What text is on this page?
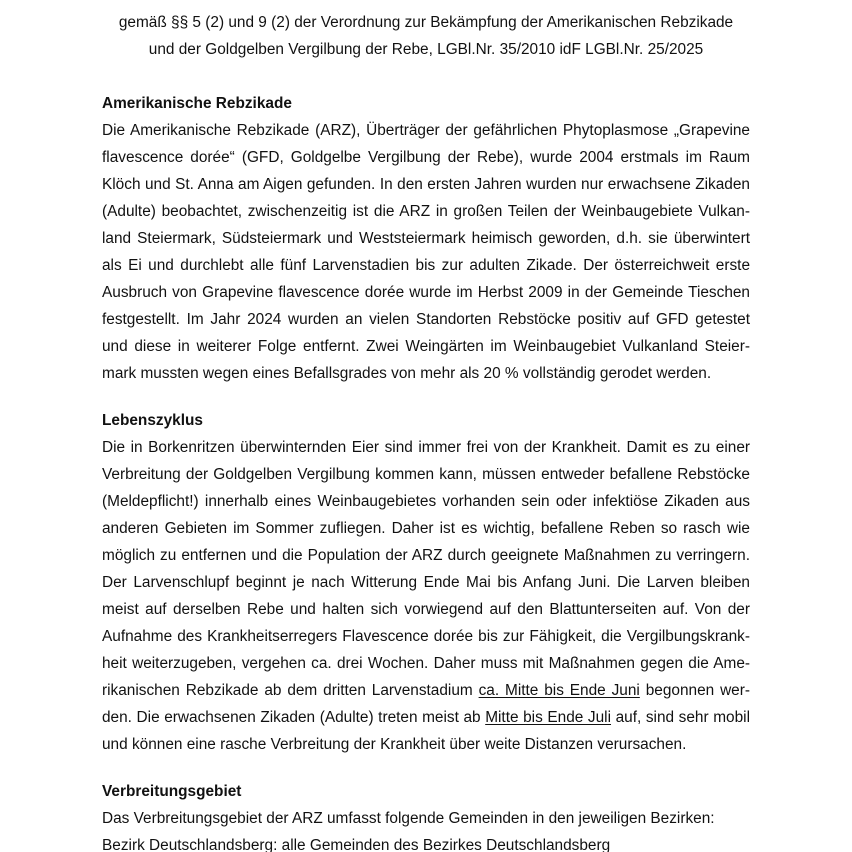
gemäß §§ 5 (2) und 9 (2) der Verordnung zur Bekämpfung der Amerikanischen Rebzikade
und der Goldgelben Vergilbung der Rebe, LGBl.Nr. 35/2010 idF LGBl.Nr. 25/2025
Amerikanische Rebzikade
Die Amerikanische Rebzikade (ARZ), Überträger der gefährlichen Phytoplasmose „Grapevine
flavescence dorée“ (GFD, Goldgelbe Vergilbung der Rebe), wurde 2004 erstmals im Raum
Klöch und St. Anna am Aigen gefunden. In den ersten Jahren wurden nur erwachsene Zikaden
(Adulte) beobachtet, zwischenzeitig ist die ARZ in großen Teilen der Weinbaugebiete Vulkan-
land Steiermark, Südsteiermark und Weststeiermark heimisch geworden, d.h. sie überwintert
als Ei und durchlebt alle fünf Larvenstadien bis zur adulten Zikade. Der österreichweit erste
Ausbruch von Grapevine flavescence dorée wurde im Herbst 2009 in der Gemeinde Tieschen
festgestellt. Im Jahr 2024 wurden an vielen Standorten Rebstöcke positiv auf GFD getestet
und diese in weiterer Folge entfernt. Zwei Weingärten im Weinbaugebiet Vulkanland Steier-
mark mussten wegen eines Befallsgrades von mehr als 20 % vollständig gerodet werden.
Lebenszyklus
Die in Borkenritzen überwinternden Eier sind immer frei von der Krankheit. Damit es zu einer
Verbreitung der Goldgelben Vergilbung kommen kann, müssen entweder befallene Rebstöcke
(Meldepflicht!) innerhalb eines Weinbaugebietes vorhanden sein oder infektiöse Zikaden aus
anderen Gebieten im Sommer zufliegen. Daher ist es wichtig, befallene Reben so rasch wie
möglich zu entfernen und die Population der ARZ durch geeignete Maßnahmen zu verringern.
Der Larvenschlupf beginnt je nach Witterung Ende Mai bis Anfang Juni. Die Larven bleiben
meist auf derselben Rebe und halten sich vorwiegend auf den Blattunterseiten auf. Von der
Aufnahme des Krankheitserregers Flavescence dorée bis zur Fähigkeit, die Vergilbungskrank-
heit weiterzugeben, vergehen ca. drei Wochen. Daher muss mit Maßnahmen gegen die Ame-
rikanischen Rebzikade ab dem dritten Larvenstadium ca. Mitte bis Ende Juni begonnen wer-
den. Die erwachsenen Zikaden (Adulte) treten meist ab Mitte bis Ende Juli auf, sind sehr mobil
und können eine rasche Verbreitung der Krankheit über weite Distanzen verursachen.
Verbreitungsgebiet
Das Verbreitungsgebiet der ARZ umfasst folgende Gemeinden in den jeweiligen Bezirken:
Bezirk Deutschlandsberg: alle Gemeinden des Bezirkes Deutschlandsberg
